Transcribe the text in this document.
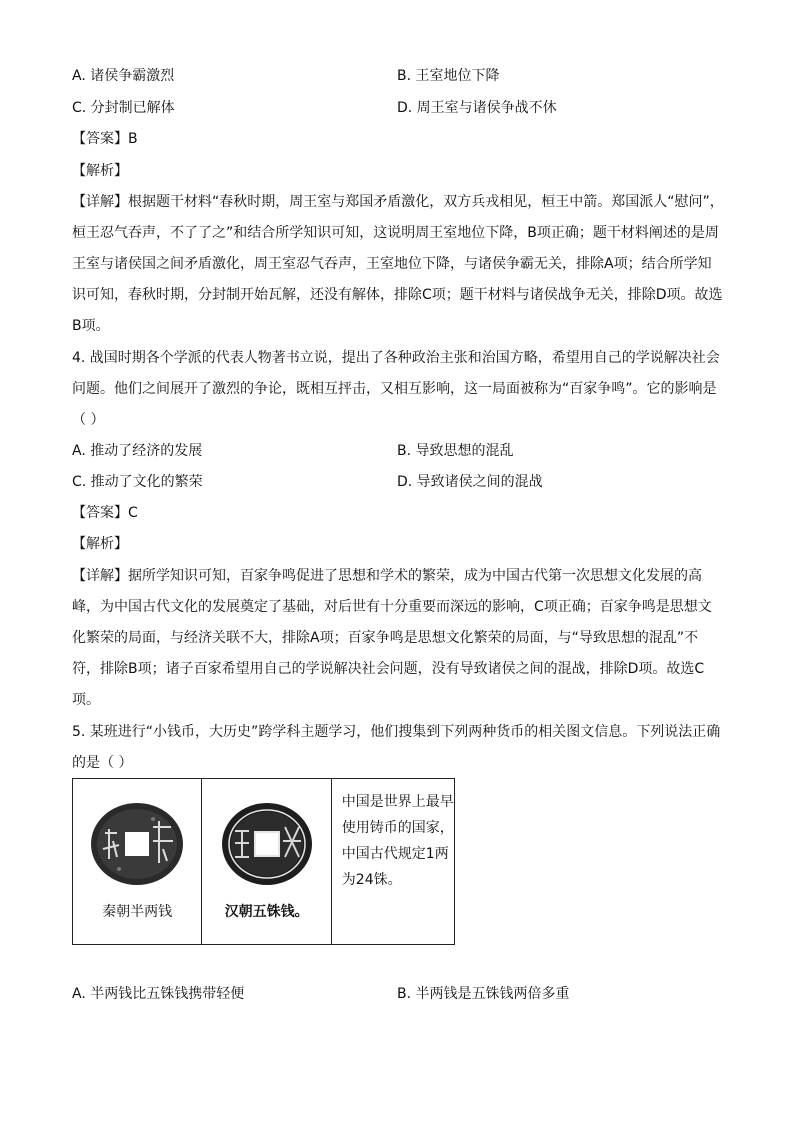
A. 诸侯争霸激烈	B. 王室地位下降
C. 分封制已解体	D. 周王室与诸侯争战不休
【答案】B
【解析】
【详解】根据题干材料“春秋时期，周王室与郑国矛盾激化，双方兵戎相见，桓王中箭。郑国派人“慰问”，桓王忍气吞声，不了了之”和结合所学知识可知，这说明周王室地位下降，B项正确；题干材料阐述的是周王室与诸侯国之间矛盾激化，周王室忍气吞声，王室地位下降，与诸侯争霸无关，排除A项；结合所学知识可知，春秋时期，分封制开始瓦解，还没有解体，排除C项；题干材料与诸侯战争无关，排除D项。故选B项。
4. 战国时期各个学派的代表人物著书立说，提出了各种政治主张和治国方略，希望用自己的学说解决社会问题。他们之间展开了激烈的争论，既相互抨击，又相互影响，这一局面被称为“百家争鸣”。它的影响是（ ）
A. 推动了经济的发展	B. 导致思想的混乱
C. 推动了文化的繁荣	D. 导致诸侯之间的混战
【答案】C
【解析】
【详解】据所学知识可知，百家争鸣促进了思想和学术的繁荣，成为中国古代第一次思想文化发展的高峰，为中国古代文化的发展奠定了基础，对后世有十分重要而深远的影响，C项正确；百家争鸣是思想文化繁荣的局面，与经济关联不大，排除A项；百家争鸣是思想文化繁荣的局面，与“导致思想的混乱”不符，排除B项；诸子百家希望用自己的学说解决社会问题，没有导致诸侯之间的混战，排除D项。故选C项。
5. 某班进行“小钱币，大历史”跨学科主题学习，他们搜集到下列两种货币的相关图文信息。下列说法正确的是（ ）
秦朝半两钱	汉朝五铢钱。

中国是世界上最早使用铸币的国家，中国古代规定1两为24铢。
A. 半两钱比五铢钱携带轻便	B. 半两钱是五铢钱两倍多重
